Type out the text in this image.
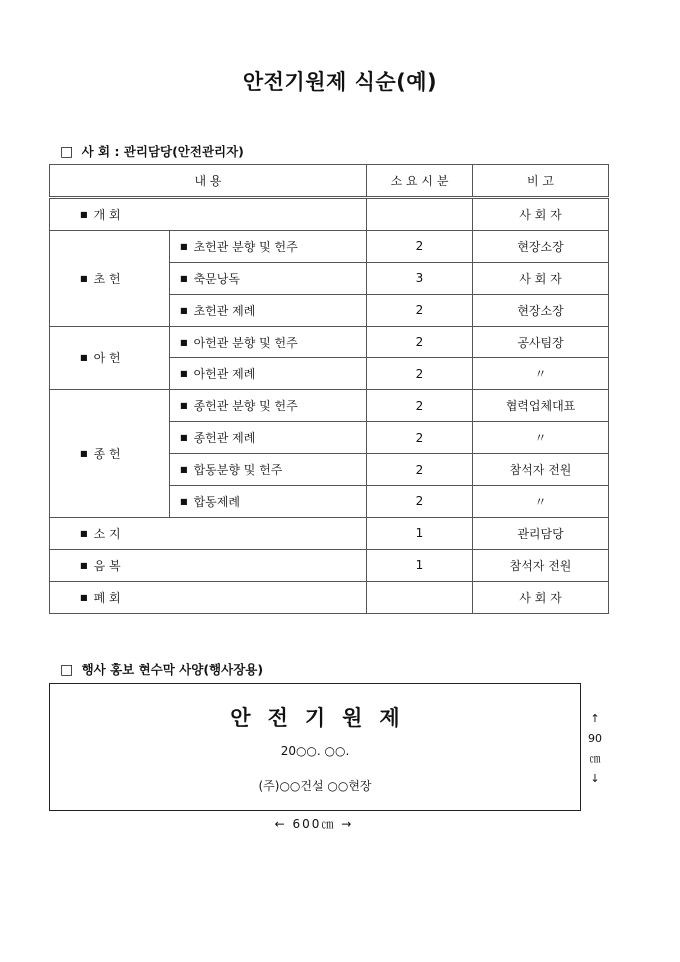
안전기원제 식순(예)
□ 사 회 : 관리담당(안전관리자)
내 용		소 요 시 분	비 고
■ 개 회			사 회 자
■ 초 헌	■ 초헌관 분향 및 헌주	2	현장소장
	■ 축문낭독	3	사 회 자
	■ 초헌관 제례	2	현장소장
■ 아 헌	■ 아헌관 분향 및 헌주	2	공사팀장
	■ 아헌관 제례	2	〃
■ 종 헌	■ 종헌관 분향 및 헌주	2	협력업체대표
	■ 종헌관 제례	2	〃
	■ 합동분향 및 헌주	2	참석자 전원
	■ 합동제례	2	〃
■ 소 지		1	관리담당
■ 음 복		1	참석자 전원
■ 폐 회			사 회 자
□ 행사 홍보 현수막 사양(행사장용)
안전기원제
20○○. ○○.
(주)○○건설 ○○현장
↑
90
㎝
↓
← 600㎝ →
